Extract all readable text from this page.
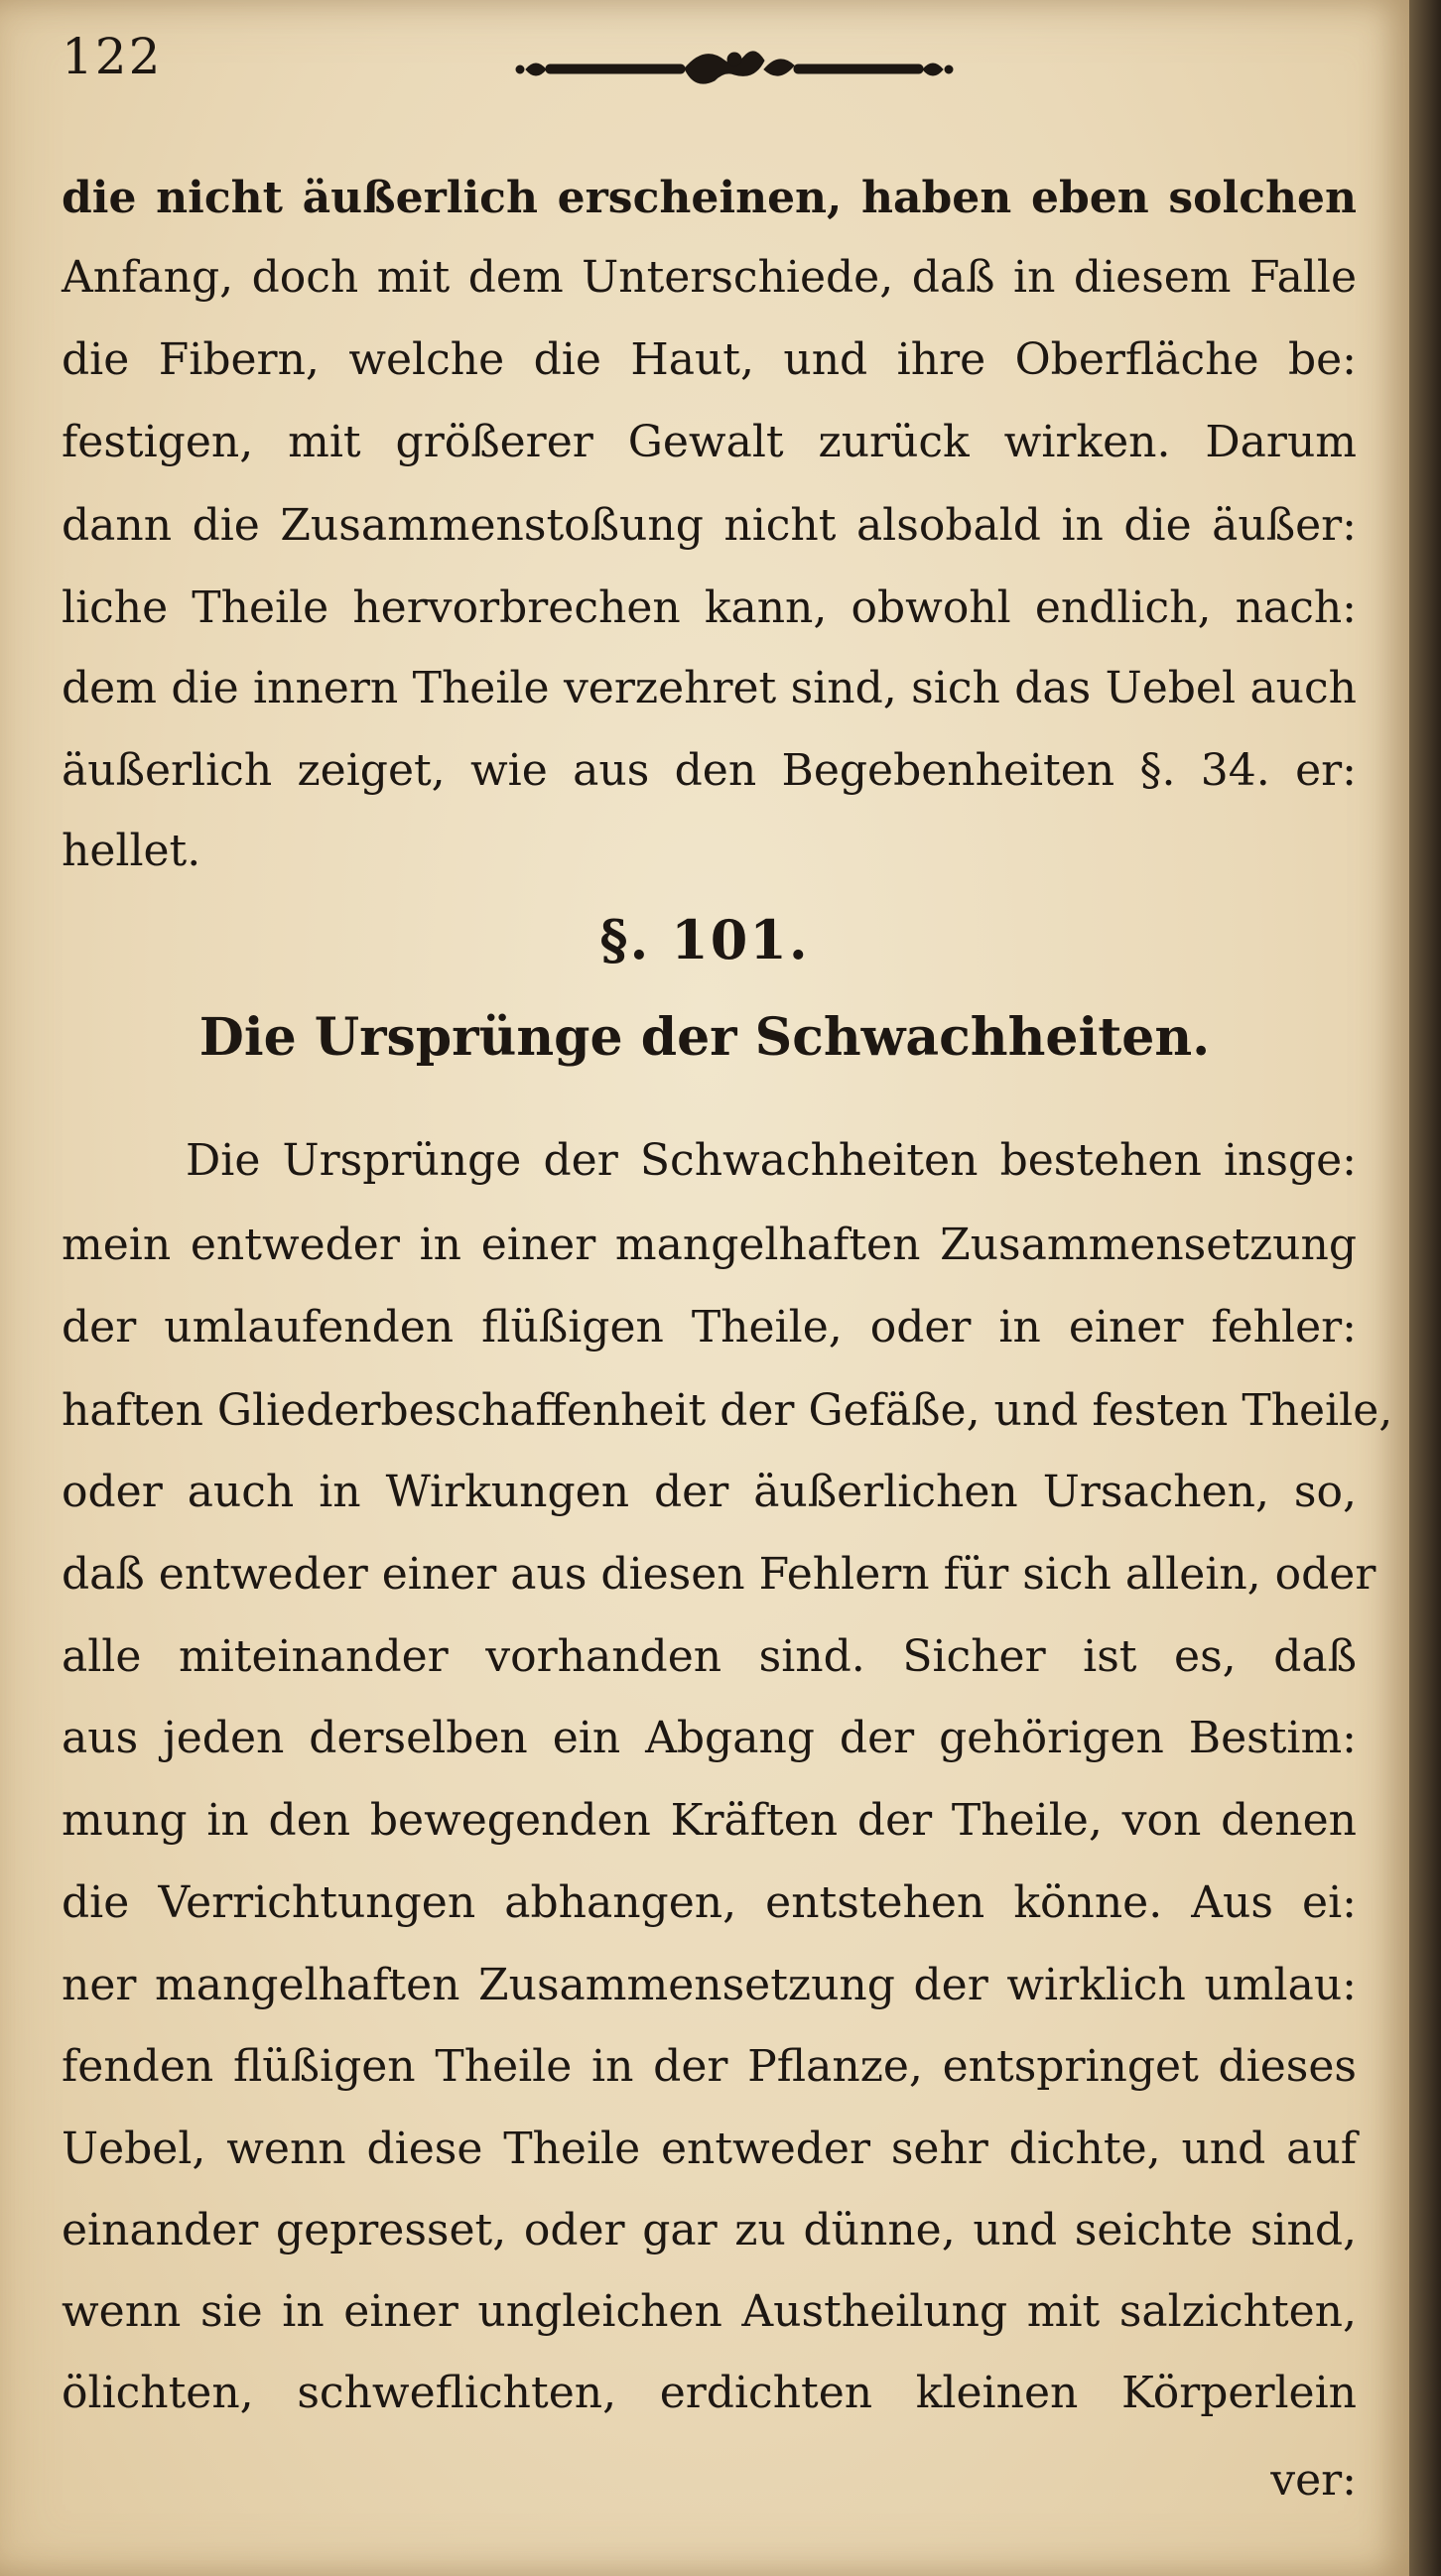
122
die nicht äußerlich erscheinen, haben eben solchen
Anfang, doch mit dem Unterschiede, daß in diesem Falle
die Fibern, welche die Haut, und ihre Oberfläche be:
festigen, mit größerer Gewalt zurück wirken. Darum
dann die Zusammenstoßung nicht alsobald in die äußer:
liche Theile hervorbrechen kann, obwohl endlich, nach:
dem die innern Theile verzehret sind, sich das Uebel auch
äußerlich zeiget, wie aus den Begebenheiten §. 34. er:
hellet.
§. 101.
Die Ursprünge der Schwachheiten.
Die Ursprünge der Schwachheiten bestehen insge:
mein entweder in einer mangelhaften Zusammensetzung
der umlaufenden flüßigen Theile, oder in einer fehler:
haften Gliederbeschaffenheit der Gefäße, und festen Theile,
oder auch in Wirkungen der äußerlichen Ursachen, so,
daß entweder einer aus diesen Fehlern für sich allein, oder
alle miteinander vorhanden sind. Sicher ist es, daß
aus jeden derselben ein Abgang der gehörigen Bestim:
mung in den bewegenden Kräften der Theile, von denen
die Verrichtungen abhangen, entstehen könne. Aus ei:
ner mangelhaften Zusammensetzung der wirklich umlau:
fenden flüßigen Theile in der Pflanze, entspringet dieses
Uebel, wenn diese Theile entweder sehr dichte, und auf
einander gepresset, oder gar zu dünne, und seichte sind,
wenn sie in einer ungleichen Austheilung mit salzichten,
ölichten, schweflichten, erdichten kleinen Körperlein
ver:
